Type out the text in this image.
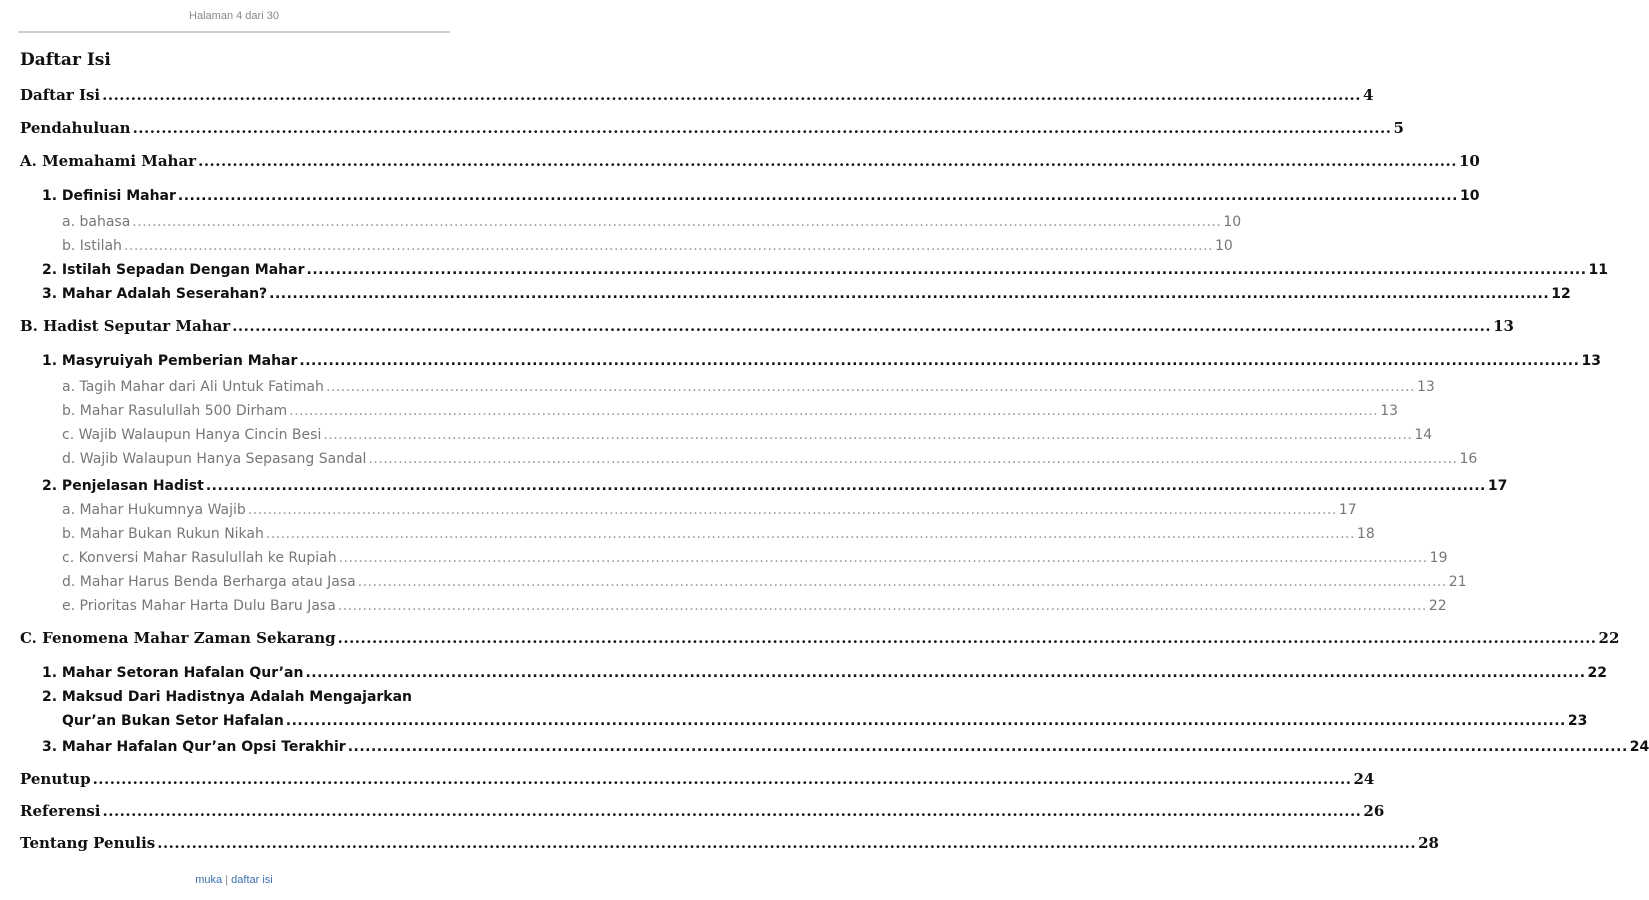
Halaman 4 dari 30
Daftar Isi
Daftar Isi ............................................................................................................................................................................................................................ 4
Pendahuluan ............................................................................................................................................................................................................................ 5
A. Memahami Mahar ............................................................................................................................................................................................................................ 10
1. Definisi Mahar ............................................................................................................................................................................................................................ 10
a. bahasa ............................................................................................................................................................................................................................ 10
b. Istilah ............................................................................................................................................................................................................................ 10
2. Istilah Sepadan Dengan Mahar ............................................................................................................................................................................................................................ 11
3. Mahar Adalah Seserahan? ............................................................................................................................................................................................................................ 12
B. Hadist Seputar Mahar ............................................................................................................................................................................................................................ 13
1. Masyruiyah Pemberian Mahar ............................................................................................................................................................................................................................ 13
a. Tagih Mahar dari Ali Untuk Fatimah ............................................................................................................................................................................................................................ 13
b. Mahar Rasulullah 500 Dirham ............................................................................................................................................................................................................................ 13
c. Wajib Walaupun Hanya Cincin Besi ............................................................................................................................................................................................................................ 14
d. Wajib Walaupun Hanya Sepasang Sandal ............................................................................................................................................................................................................................ 16
2. Penjelasan Hadist ............................................................................................................................................................................................................................ 17
a. Mahar Hukumnya Wajib ............................................................................................................................................................................................................................ 17
b. Mahar Bukan Rukun Nikah ............................................................................................................................................................................................................................ 18
c. Konversi Mahar Rasulullah ke Rupiah ............................................................................................................................................................................................................................ 19
d. Mahar Harus Benda Berharga atau Jasa ............................................................................................................................................................................................................................ 21
e. Prioritas Mahar Harta Dulu Baru Jasa ............................................................................................................................................................................................................................ 22
C. Fenomena Mahar Zaman Sekarang ............................................................................................................................................................................................................................ 22
1. Mahar Setoran Hafalan Qur’an ............................................................................................................................................................................................................................ 22
2. Maksud Dari Hadistnya Adalah Mengajarkan
Qur’an Bukan Setor Hafalan ............................................................................................................................................................................................................................ 23
3. Mahar Hafalan Qur’an Opsi Terakhir ............................................................................................................................................................................................................................ 24
Penutup ............................................................................................................................................................................................................................ 24
Referensi ............................................................................................................................................................................................................................ 26
Tentang Penulis ............................................................................................................................................................................................................................ 28
muka | daftar isi
